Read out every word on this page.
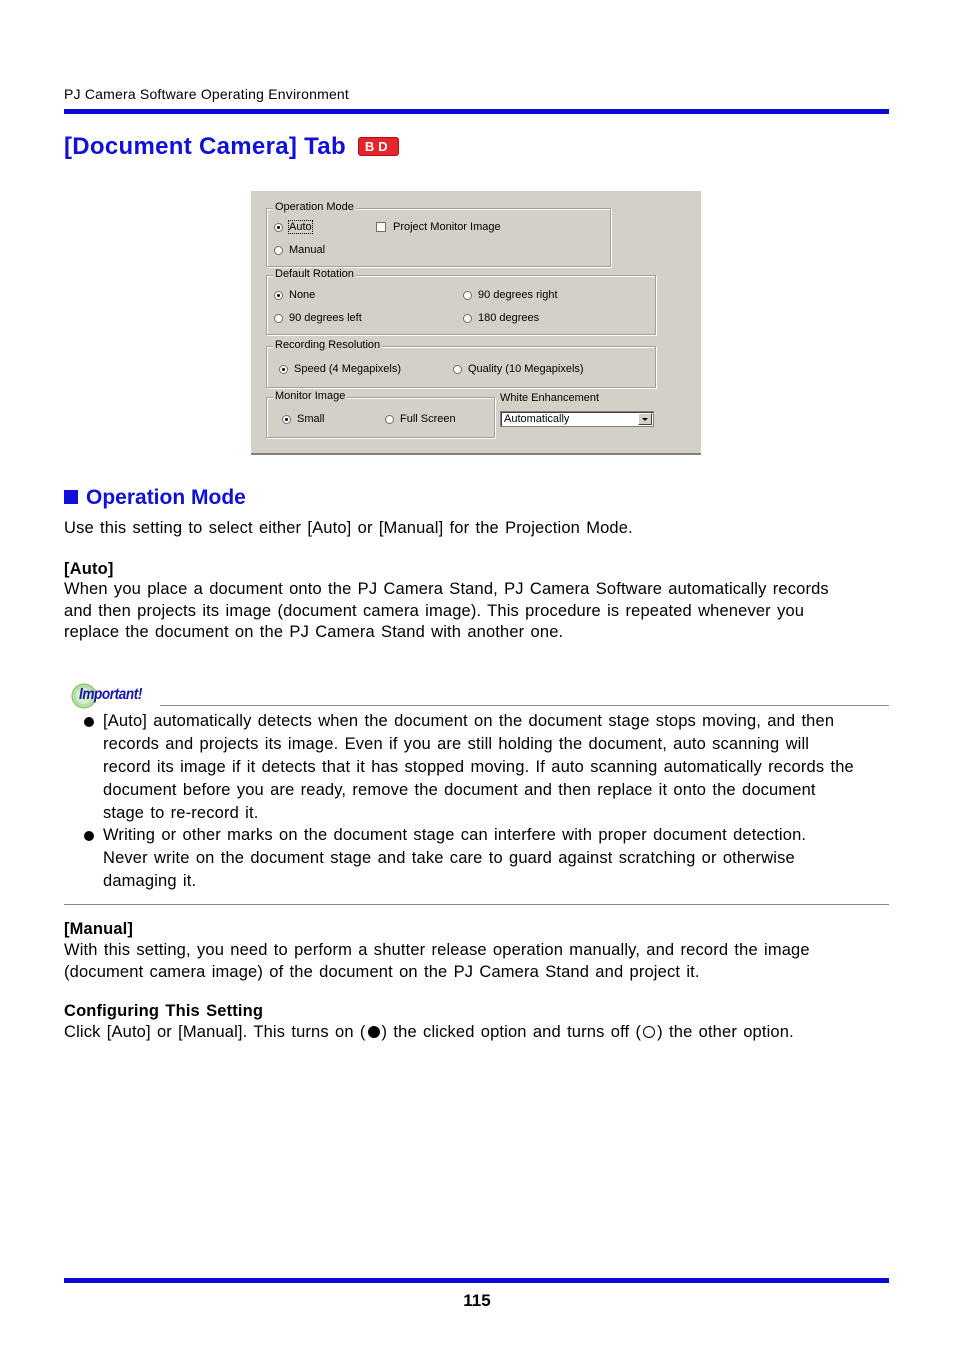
PJ Camera Software Operating Environment
[Document Camera] Tab BD
Operation Mode
Auto	Project Monitor Image
Manual
Default Rotation
None	90 degrees right
90 degrees left	180 degrees
Recording Resolution
Speed (4 Megapixels)	Quality (10 Megapixels)
Monitor Image
Small	Full Screen
White Enhancement
Automatically
Operation Mode
Use this setting to select either [Auto] or [Manual] for the Projection Mode.
[Auto]
When you place a document onto the PJ Camera Stand, PJ Camera Software automatically records and then projects its image (document camera image). This procedure is repeated whenever you replace the document on the PJ Camera Stand with another one.
Important!
[Auto] automatically detects when the document on the document stage stops moving, and then records and projects its image. Even if you are still holding the document, auto scanning will record its image if it detects that it has stopped moving. If auto scanning automatically records the document before you are ready, remove the document and then replace it onto the document stage to re-record it.
Writing or other marks on the document stage can interfere with proper document detection. Never write on the document stage and take care to guard against scratching or otherwise damaging it.
[Manual]
With this setting, you need to perform a shutter release operation manually, and record the image (document camera image) of the document on the PJ Camera Stand and project it.
Configuring This Setting
Click [Auto] or [Manual]. This turns on ( ) the clicked option and turns off ( ) the other option.
115
